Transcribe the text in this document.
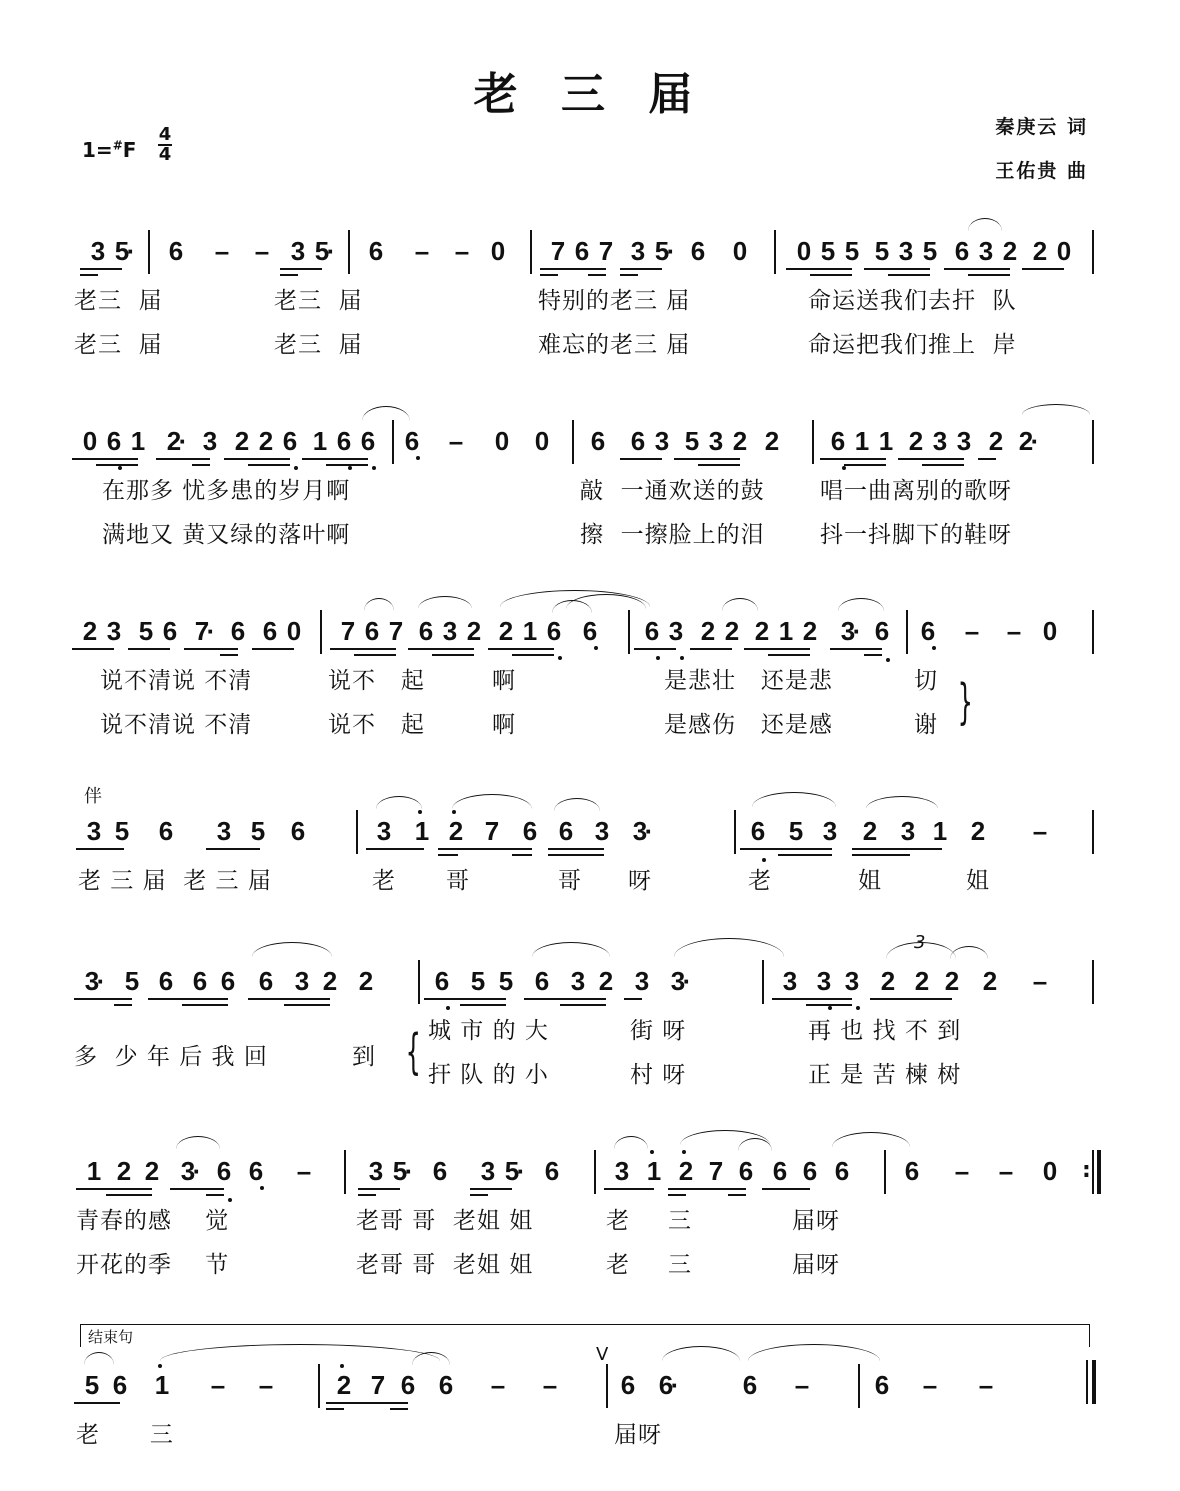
老 三 届
秦庚云 词
王佑贵 曲
1=#F
4
4
3 5
· 6 – – 3 5
· 6 – – 0 7 6 7 3 5
· 6 0 0 5 5 5 3 5 6 3 2 2 0
老三  届	老三  届	特别的老三 届	命运送我们去扞  队
老三  届	老三  届	难忘的老三 届	命运把我们推上  岸
0 6 1 2
· 3 2 2 6 1 6 6 6 – 0 0 6 6 3 5 3 2 2 6 1 1 2 3 3 2 2
·
在那多 忧多患的岁月啊	敲  一通欢送的鼓 唱一曲离别的歌呀
满地又 黄又绿的落叶啊	擦  一擦脸上的泪 抖一抖脚下的鞋呀
2 3 5 6 7
· 6 6 0 7 6 7 6 3 2 2 1 6 6 6 3 2 2 2 1 2 3
· 6 6 – – 0
说不清说 不清	说不   起	啊	是悲壮   还是悲	切
说不清说 不清	说不   起	啊	是感伤   还是感	谢 }
3 5 6 3 5 6	3 1 2 7 6 6 3 3
·	6 5 3 2 3 1 2 –
伴
老 三 届  老 三 届	老 哥	哥 呀	老	姐	姐
3
· 5 6 6 6 6 3 2 2 6 5 5 6 3 2 3 3
·	3 3 3 2 2 2 2 –
3
多  少 年 后 我 回	到
城 市 的 大	街 呀	再 也 找 不 到
扞 队 的 小	村 呀	正 是 苦 楝 树
{
1 2 2 3
· 6 6 – 3 5
· 6 3 5
· 6 3 1 2 7 6 6 6 6 6 – – 0 :
青春的感    觉	老哥 哥  老姐 姐	老 三	届呀
开花的季    节	老哥 哥  老姐 姐	老 三	届呀
5 6 1 – – 2 7 6 6 – – 6 6
· 6 –	6 – –
结束句
V
老      三	届呀
